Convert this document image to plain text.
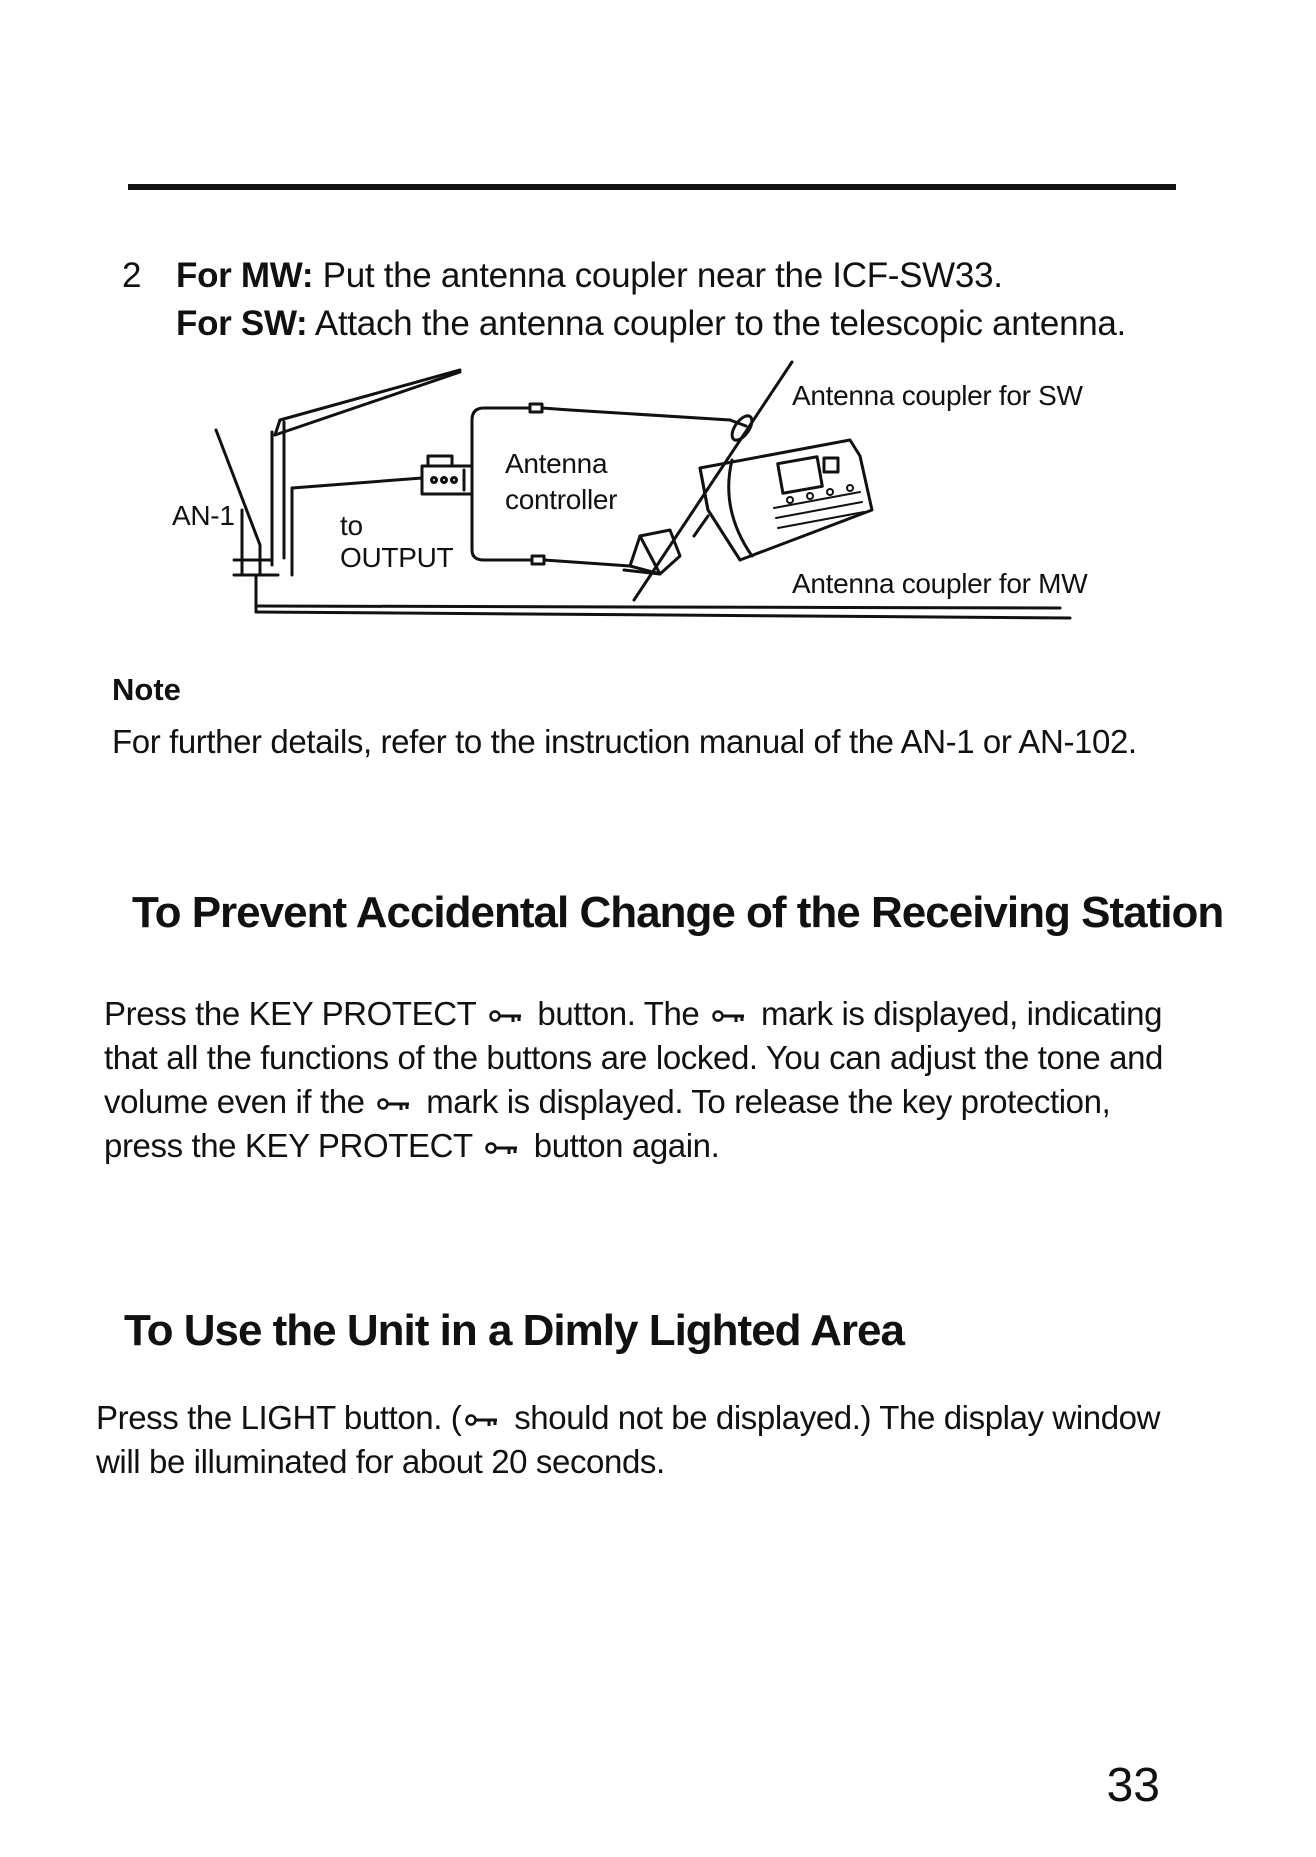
2 For MW: Put the antenna coupler near the ICF-SW33.
For SW: Attach the antenna coupler to the telescopic antenna.
AN-1	to
OUTPUT
Antenna
controller
Antenna coupler for SW
Antenna coupler for MW
Note
For further details, refer to the instruction manual of the AN-1 or AN-102.
To Prevent Accidental Change of the Receiving Station
Press the KEY PROTECT button. The mark is displayed, indicating that all the functions of the buttons are locked. You can adjust the tone and volume even if the mark is displayed. To release the key protection, press the KEY PROTECT button again.
To Use the Unit in a Dimly Lighted Area
Press the LIGHT button. ( should not be displayed.) The display window will be illuminated for about 20 seconds.
33
